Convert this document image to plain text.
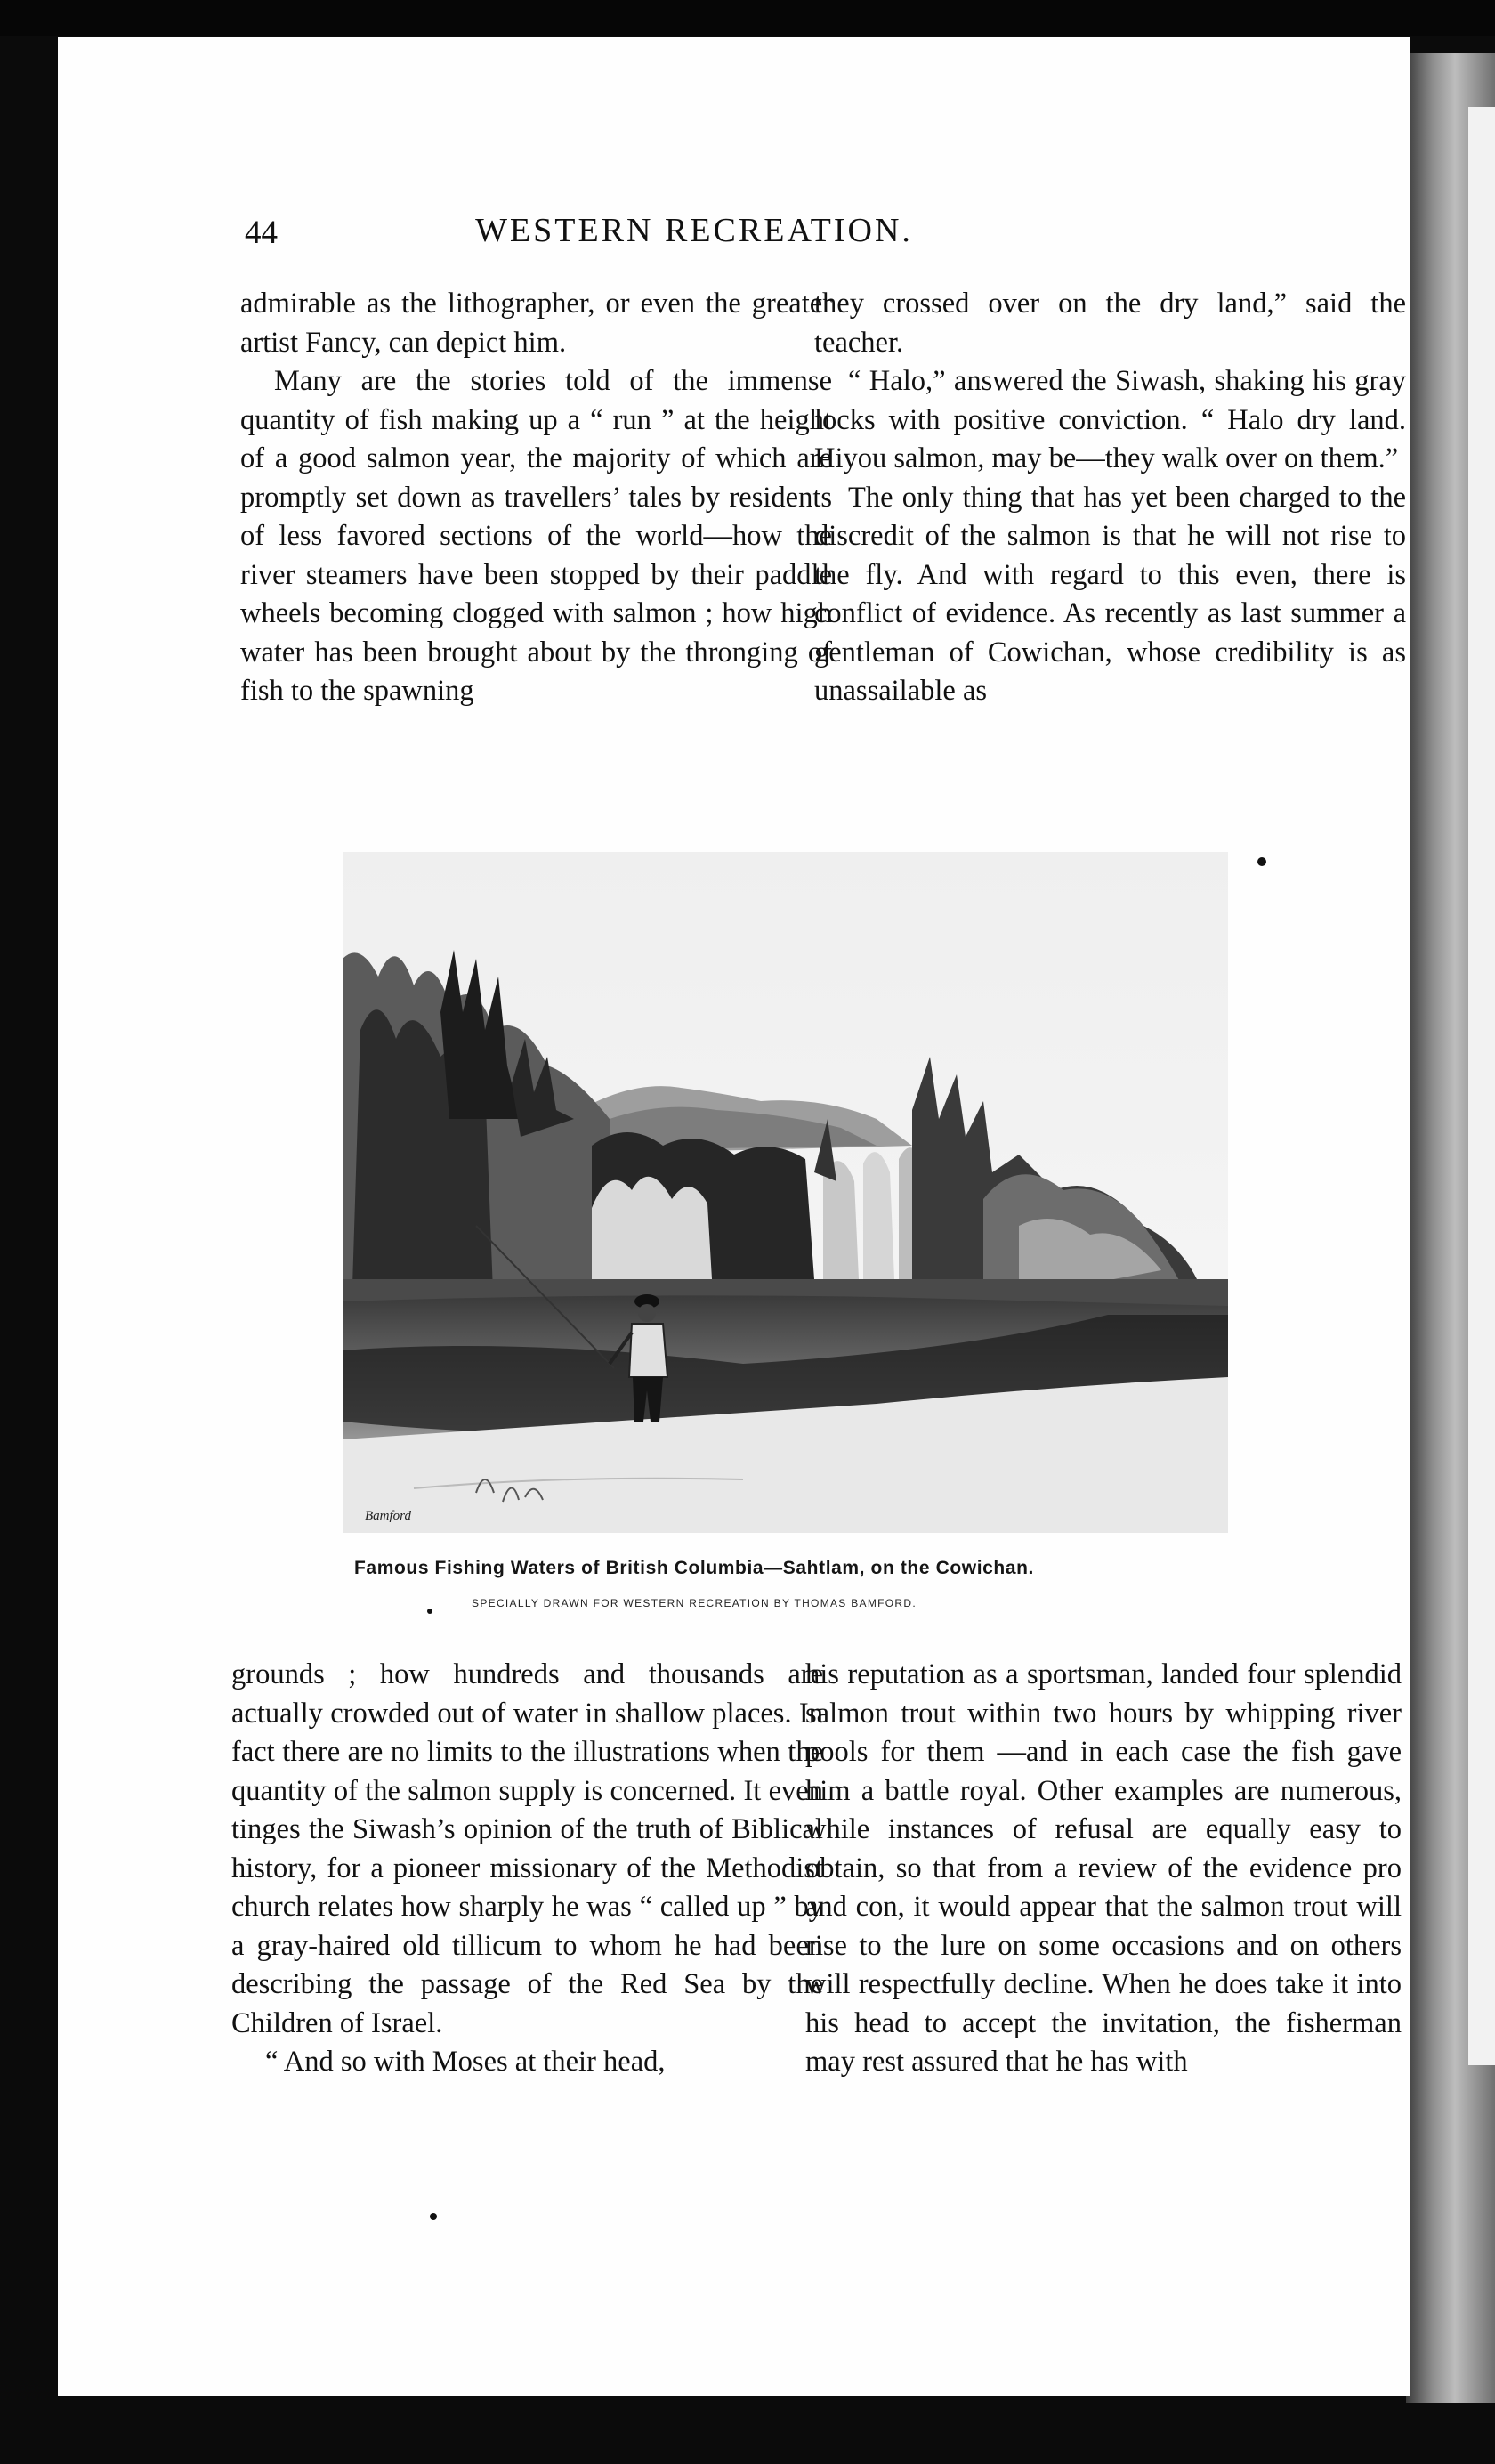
44	WESTERN RECREATION.

admirable as the lithographer, or even the greater artist Fancy, can depict him.

Many are the stories told of the immense quantity of fish making up a “ run ” at the height of a good salmon year, the majority of which are promptly set down as travellers’ tales by residents of less favored sections of the world—how the river steamers have been stopped by their paddle wheels becoming clogged with salmon ; how high water has been brought about by the thronging of fish to the spawning

they crossed over on the dry land,” said the teacher.

“ Halo,” answered the Siwash, shaking his gray locks with positive conviction. “ Halo dry land. Hiyou salmon, may be—they walk over on them.”

The only thing that has yet been charged to the discredit of the salmon is that he will not rise to the fly. And with regard to this even, there is conflict of evidence. As recently as last summer a gentleman of Cowichan, whose credibility is as unassailable as

Bamford
Famous Fishing Waters of British Columbia—Sahtlam, on the Cowichan.
SPECIALLY DRAWN FOR WESTERN RECREATION BY THOMAS BAMFORD.

grounds ; how hundreds and thousands are actually crowded out of water in shallow places. In fact there are no limits to the illustrations when the quantity of the salmon supply is concerned. It even tinges the Siwash’s opinion of the truth of Biblical history, for a pioneer missionary of the Methodist church relates how sharply he was “ called up ” by a gray-haired old tillicum to whom he had been describing the passage of the Red Sea by the Children of Israel.

“ And so with Moses at their head,

his reputation as a sportsman, landed four splendid salmon trout within two hours by whipping river pools for them —and in each case the fish gave him a battle royal. Other examples are numerous, while instances of refusal are equally easy to obtain, so that from a review of the evidence pro and con, it would appear that the salmon trout will rise to the lure on some occasions and on others will respectfully decline. When he does take it into his head to accept the invitation, the fisherman may rest assured that he has with
